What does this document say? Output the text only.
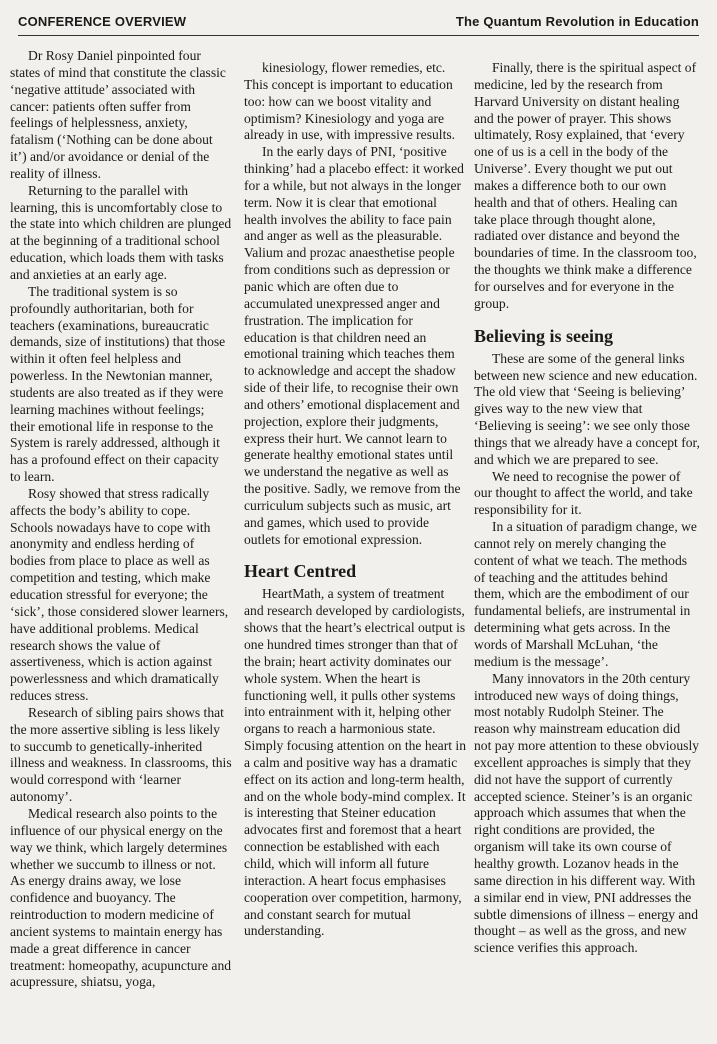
CONFERENCE OVERVIEW	The Quantum Revolution in Education

Dr Rosy Daniel pinpointed four states of mind that constitute the classic ‘negative attitude’ associated with cancer: patients often suffer from feelings of helplessness, anxiety, fatalism (‘Nothing can be done about it’) and/or avoidance or denial of the reality of illness.

Returning to the parallel with learning, this is uncomfortably close to the state into which children are plunged at the beginning of a traditional school education, which loads them with tasks and anxieties at an early age.

The traditional system is so profoundly authoritarian, both for teachers (examinations, bureaucratic demands, size of institutions) that those within it often feel helpless and powerless. In the Newtonian manner, students are also treated as if they were learning machines without feelings; their emotional life in response to the System is rarely addressed, although it has a profound effect on their capacity to learn.

Rosy showed that stress radically affects the body’s ability to cope. Schools nowadays have to cope with anonymity and endless herding of bodies from place to place as well as competition and testing, which make education stressful for everyone; the ‘sick’, those considered slower learners, have additional problems. Medical research shows the value of assertiveness, which is action against powerlessness and which dramatically reduces stress.

Research of sibling pairs shows that the more assertive sibling is less likely to succumb to genetically-inherited illness and weakness. In classrooms, this would correspond with ‘learner autonomy’.

Medical research also points to the influence of our physical energy on the way we think, which largely determines whether we succumb to illness or not. As energy drains away, we lose confidence and buoyancy. The reintroduction to modern medicine of ancient systems to maintain energy has made a great difference in cancer treatment: homeopathy, acupuncture and acupressure, shiatsu, yoga,

kinesiology, flower remedies, etc. This concept is important to education too: how can we boost vitality and optimism? Kinesiology and yoga are already in use, with impressive results.

In the early days of PNI, ‘positive thinking’ had a placebo effect: it worked for a while, but not always in the longer term. Now it is clear that emotional health involves the ability to face pain and anger as well as the pleasurable. Valium and prozac anaesthetise people from conditions such as depression or panic which are often due to accumulated unexpressed anger and frustration. The implication for education is that children need an emotional training which teaches them to acknowledge and accept the shadow side of their life, to recognise their own and others’ emotional displacement and projection, explore their judgments, express their hurt. We cannot learn to generate healthy emotional states until we understand the negative as well as the positive. Sadly, we remove from the curriculum subjects such as music, art and games, which used to provide outlets for emotional expression.

Heart Centred

HeartMath, a system of treatment and research developed by cardiologists, shows that the heart’s electrical output is one hundred times stronger than that of the brain; heart activity dominates our whole system. When the heart is functioning well, it pulls other systems into entrainment with it, helping other organs to reach a harmonious state. Simply focusing attention on the heart in a calm and positive way has a dramatic effect on its action and long-term health, and on the whole body-mind complex. It is interesting that Steiner education advocates first and foremost that a heart connection be established with each child, which will inform all future interaction. A heart focus emphasises cooperation over competition, harmony, and constant search for mutual understanding.

Finally, there is the spiritual aspect of medicine, led by the research from Harvard University on distant healing and the power of prayer. This shows ultimately, Rosy explained, that ‘every one of us is a cell in the body of the Universe’. Every thought we put out makes a difference both to our own health and that of others. Healing can take place through thought alone, radiated over distance and beyond the boundaries of time. In the classroom too, the thoughts we think make a difference for ourselves and for everyone in the group.

Believing is seeing

These are some of the general links between new science and new education. The old view that ‘Seeing is believing’ gives way to the new view that ‘Believing is seeing’: we see only those things that we already have a concept for, and which we are prepared to see.

We need to recognise the power of our thought to affect the world, and take responsibility for it.

In a situation of paradigm change, we cannot rely on merely changing the content of what we teach. The methods of teaching and the attitudes behind them, which are the embodiment of our fundamental beliefs, are instrumental in determining what gets across. In the words of Marshall McLuhan, ‘the medium is the message’.

Many innovators in the 20th century introduced new ways of doing things, most notably Rudolph Steiner. The reason why mainstream education did not pay more attention to these obviously excellent approaches is simply that they did not have the support of currently accepted science. Steiner’s is an organic approach which assumes that when the right conditions are provided, the organism will take its own course of healthy growth. Lozanov heads in the same direction in his different way. With a similar end in view, PNI addresses the subtle dimensions of illness – energy and thought – as well as the gross, and new science verifies this approach.
